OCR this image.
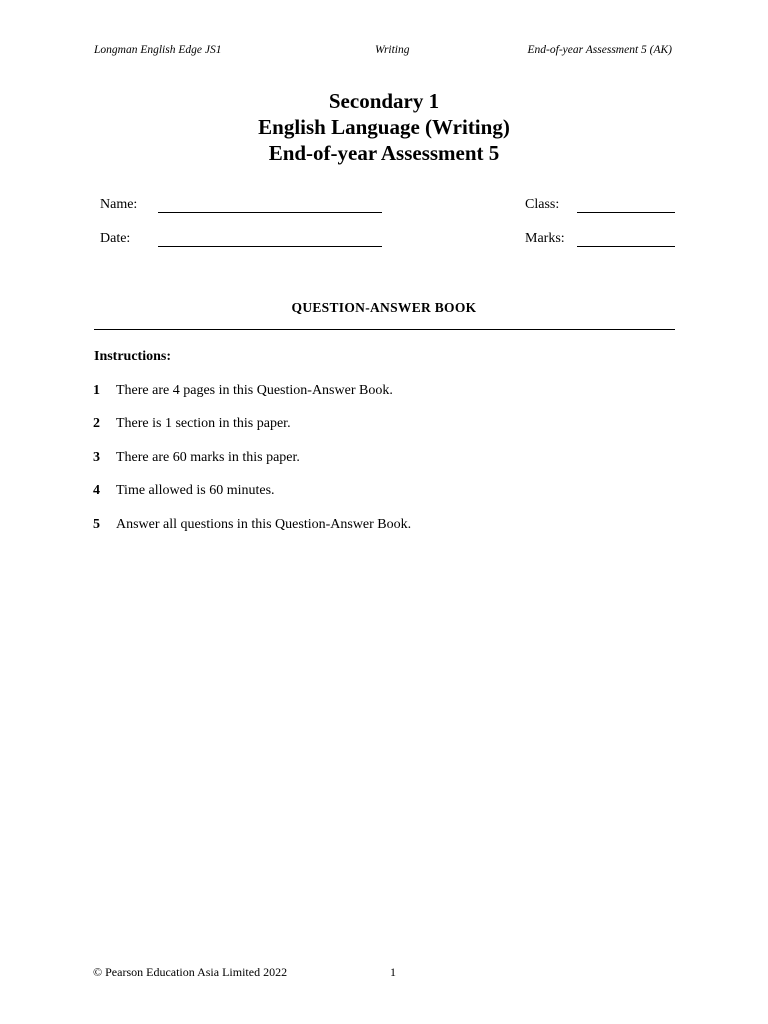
Longman English Edge JS1	Writing	End-of-year Assessment 5 (AK)
Secondary 1
English Language (Writing)
End-of-year Assessment 5
Name:	Class:
Date:	Marks:
QUESTION-ANSWER BOOK
Instructions:
1 There are 4 pages in this Question-Answer Book.
2 There is 1 section in this paper.
3 There are 60 marks in this paper.
4 Time allowed is 60 minutes.
5 Answer all questions in this Question-Answer Book.
© Pearson Education Asia Limited 2022	1
